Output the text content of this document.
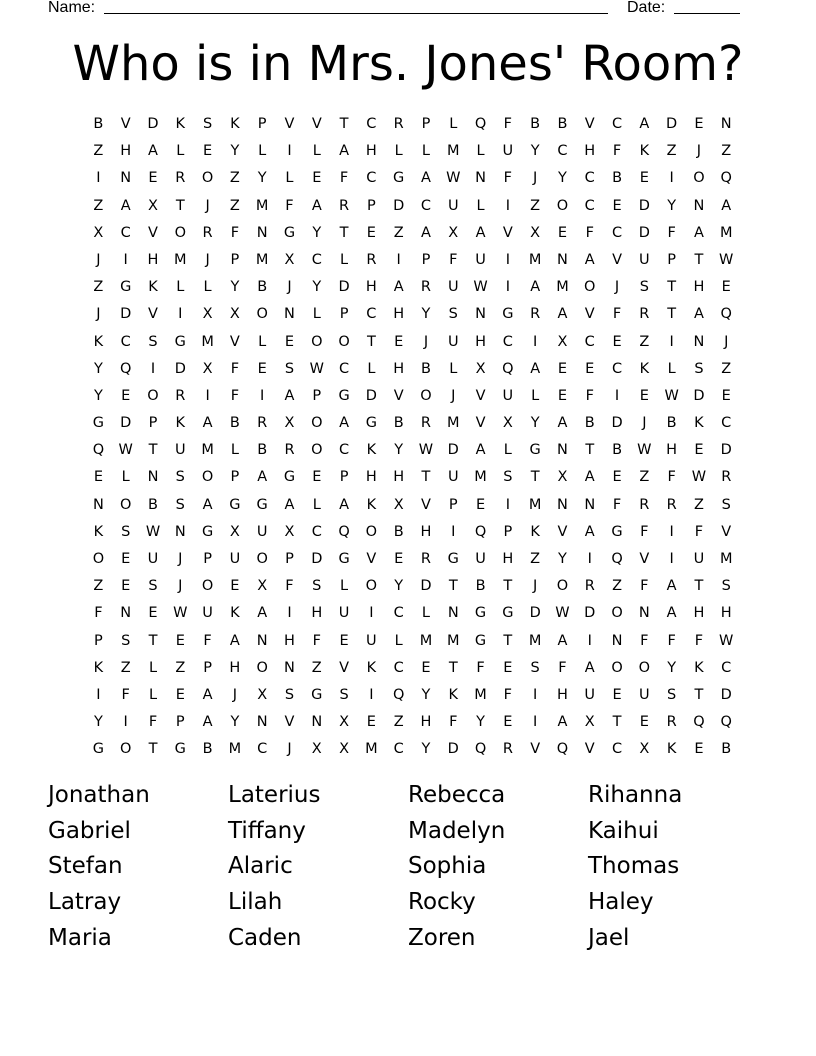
Name:	Date:
Who is in Mrs. Jones' Room?
B	V	D	K	S	K	P	V	V	T	C	R	P	L	Q	F	B	B	V	C	A	D	E	N
Z	H	A	L	E	Y	L	I	L	A	H	L	L	M	L	U	Y	C	H	F	K	Z	J	Z
I	N	E	R	O	Z	Y	L	E	F	C	G	A	W N	F	J	Y	C	B	E	I	O	Q
Z	A	X	T	J	Z	M	F	A	R	P	D	C	U	L	I	Z	O	C	E	D	Y	N	A
X	C	V	O	R	F	N	G	Y	T	E	Z	A	X	A	V	X	E	F	C	D	F	A	M
J	I	H	M	J	P	M	X	C	L	R	I	P	F	U	I	M	N	A	V	U	P	T	W
Z	G	K	L	L	Y	B	J	Y	D	H	A	R	U W	I	A	M	O	J	S	T	H	E
J	D	V	I	X	X	O	N	L	P	C	H	Y	S	N	G	R	A	V	F	R	T	A	Q
K	C	S	G	M	V	L	E	O	O	T	E	J	U	H	C	I	X	C	E	Z	I	N	J
Y	Q	I	D	X	F	E	S	W	C	L	H	B	L	X	Q	A	E	E	C	K	L	S	Z
Y	E	O	R	I	F	I	A	P	G	D	V	O	J	V	U	L	E	F	I	E	W D	E
G	D	P	K	A	B	R	X	O	A	G	B	R	M	V	X	Y	A	B	D	J	B	K	C
Q W	T	U	M	L	B	R	O	C	K	Y	W D	A	L	G	N	T	B	W H	E	D
E	L	N	S	O	P	A	G	E	P	H	H	T	U	M	S	T	X	A	E	Z	F	W	R
N	O	B	S	A	G	G	A	L	A	K	X	V	P	E	I	M	N	N	F	R	R	Z	S
K	S	W N	G	X	U	X	C	Q	O	B	H	I	Q	P	K	V	A	G	F	I	F	V
O	E	U	J	P	U	O	P	D	G	V	E	R	G	U	H	Z	Y	I	Q	V	I	U	M
Z	E	S	J	O	E	X	F	S	L	O	Y	D	T	B	T	J	O	R	Z	F	A	T	S
F	N	E	W U	K	A	I	H	U	I	C	L	N	G	G	D W D	O	N	A	H	H
P	S	T	E	F	A	N	H	F	E	U	L	M M	G	T	M	A	I	N	F	F	F	W
K	Z	L	Z	P	H	O	N	Z	V	K	C	E	T	F	E	S	F	A	O	O	Y	K	C
I	F	L	E	A	J	X	S	G	S	I	Q	Y	K	M	F	I	H	U	E	U	S	T	D
Y	I	F	P	A	Y	N	V	N	X	E	Z	H	F	Y	E	I	A	X	T	E	R	Q	Q
G	O	T	G	B	M	C	J	X	X	M	C	Y	D	Q	R	V	Q	V	C	X	K	E	B
Jonathan	Laterius	Rebecca	Rihanna
Gabriel	Tiffany	Madelyn	Kaihui
Stefan	Alaric	Sophia	Thomas
Latray	Lilah	Rocky	Haley
Maria	Caden	Zoren	Jael
